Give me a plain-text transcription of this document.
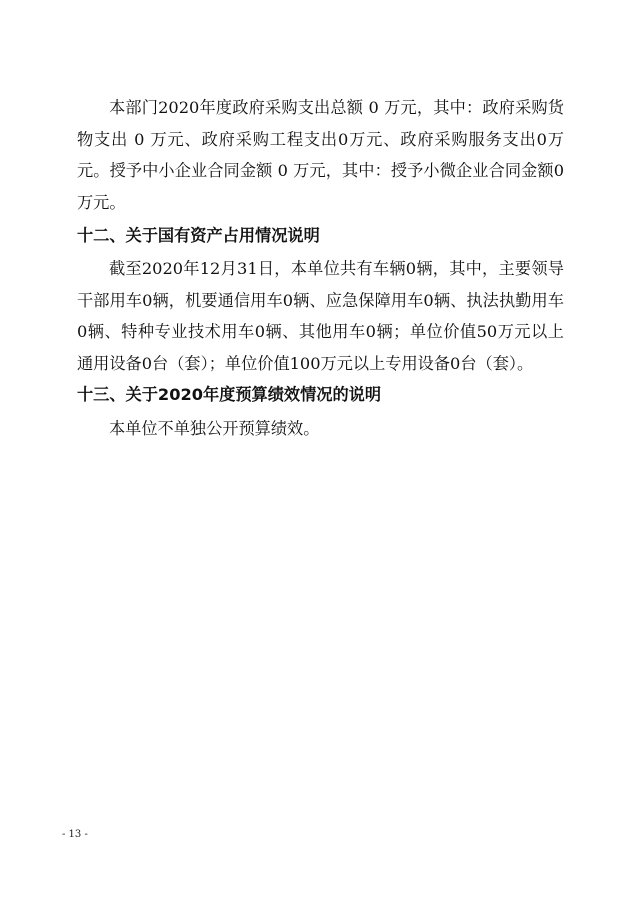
本部门2020年度政府采购支出总额 0 万元，其中：政府采购货物支出 0 万元、政府采购工程支出0万元、政府采购服务支出0万元。授予中小企业合同金额 0 万元，其中：授予小微企业合同金额0万元。

十二、关于国有资产占用情况说明

截至2020年12月31日，本单位共有车辆0辆，其中，主要领导干部用车0辆，机要通信用车0辆、应急保障用车0辆、执法执勤用车0辆、特种专业技术用车0辆、其他用车0辆；单位价值50万元以上通用设备0台（套）；单位价值100万元以上专用设备0台（套）。

十三、关于2020年度预算绩效情况的说明

本单位不单独公开预算绩效。

- 13 -
